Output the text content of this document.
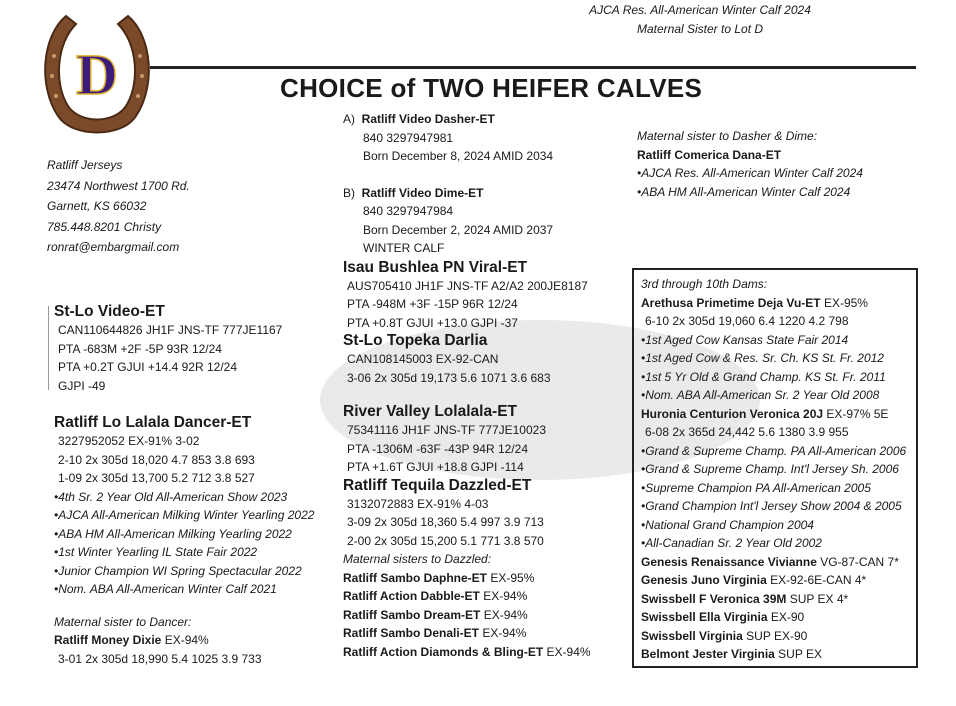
AJCA Res. All-American Winter Calf 2024
Maternal Sister to Lot D
D	CHOICE of TWO HEIFER CALVES
Ratliff Jerseys
23474 Northwest 1700 Rd.
Garnett, KS 66032
785.448.8201 Christy
ronrat@embargmail.com
St-Lo Video-ET
CAN110644826 JH1F JNS-TF 777JE1167
PTA -683M +2F -5P 93R 12/24
PTA +0.2T GJUI +14.4 92R 12/24
GJPI -49
Ratliff Lo Lalala Dancer-ET
3227952052 EX-91% 3-02
2-10 2x 305d 18,020 4.7 853 3.8 693
1-09 2x 305d 13,700 5.2 712 3.8 527
•4th Sr. 2 Year Old All-American Show 2023
•AJCA All-American Milking Winter Yearling 2022
•ABA HM All-American Milking Yearling 2022
•1st Winter Yearling IL State Fair 2022
•Junior Champion WI Spring Spectacular 2022
•Nom. ABA All-American Winter Calf 2021
Maternal sister to Dancer:
Ratliff Money Dixie EX-94%
3-01 2x 305d 18,990 5.4 1025 3.9 733
A) Ratliff Video Dasher-ET
840 3297947981
Born December 8, 2024 AMID 2034
B) Ratliff Video Dime-ET
840 3297947984
Born December 2, 2024 AMID 2037
WINTER CALF
Isau Bushlea PN Viral-ET
AUS705410 JH1F JNS-TF A2/A2 200JE8187
PTA -948M +3F -15P 96R 12/24
PTA +0.8T GJUI +13.0 GJPI -37
St-Lo Topeka Darlia
CAN108145003 EX-92-CAN
3-06 2x 305d 19,173 5.6 1071 3.6 683
River Valley Lolalala-ET
75341116 JH1F JNS-TF 777JE10023
PTA -1306M -63F -43P 94R 12/24
PTA +1.6T GJUI +18.8 GJPI -114
Ratliff Tequila Dazzled-ET
3132072883 EX-91% 4-03
3-09 2x 305d 18,360 5.4 997 3.9 713
2-00 2x 305d 15,200 5.1 771 3.8 570
Maternal sisters to Dazzled:
Ratliff Sambo Daphne-ET EX-95%
Ratliff Action Dabble-ET EX-94%
Ratliff Sambo Dream-ET EX-94%
Ratliff Sambo Denali-ET EX-94%
Ratliff Action Diamonds & Bling-ET EX-94%
Maternal sister to Dasher & Dime:
Ratliff Comerica Dana-ET
•AJCA Res. All-American Winter Calf 2024
•ABA HM All-American Winter Calf 2024
3rd through 10th Dams:
Arethusa Primetime Deja Vu-ET EX-95%
6-10 2x 305d 19,060 6.4 1220 4.2 798
•1st Aged Cow Kansas State Fair 2014
•1st Aged Cow & Res. Sr. Ch. KS St. Fr. 2012
•1st 5 Yr Old & Grand Champ. KS St. Fr. 2011
•Nom. ABA All-American Sr. 2 Year Old 2008
Huronia Centurion Veronica 20J EX-97% 5E
6-08 2x 365d 24,442 5.6 1380 3.9 955
•Grand & Supreme Champ. PA All-American 2006
•Grand & Supreme Champ. Int'l Jersey Sh. 2006
•Supreme Champion PA All-American 2005
•Grand Champion Int'l Jersey Show 2004 & 2005
•National Grand Champion 2004
•All-Canadian Sr. 2 Year Old 2002
Genesis Renaissance Vivianne VG-87-CAN 7*
Genesis Juno Virginia EX-92-6E-CAN 4*
Swissbell F Veronica 39M SUP EX 4*
Swissbell Ella Virginia EX-90
Swissbell Virginia SUP EX-90
Belmont Jester Virginia SUP EX
